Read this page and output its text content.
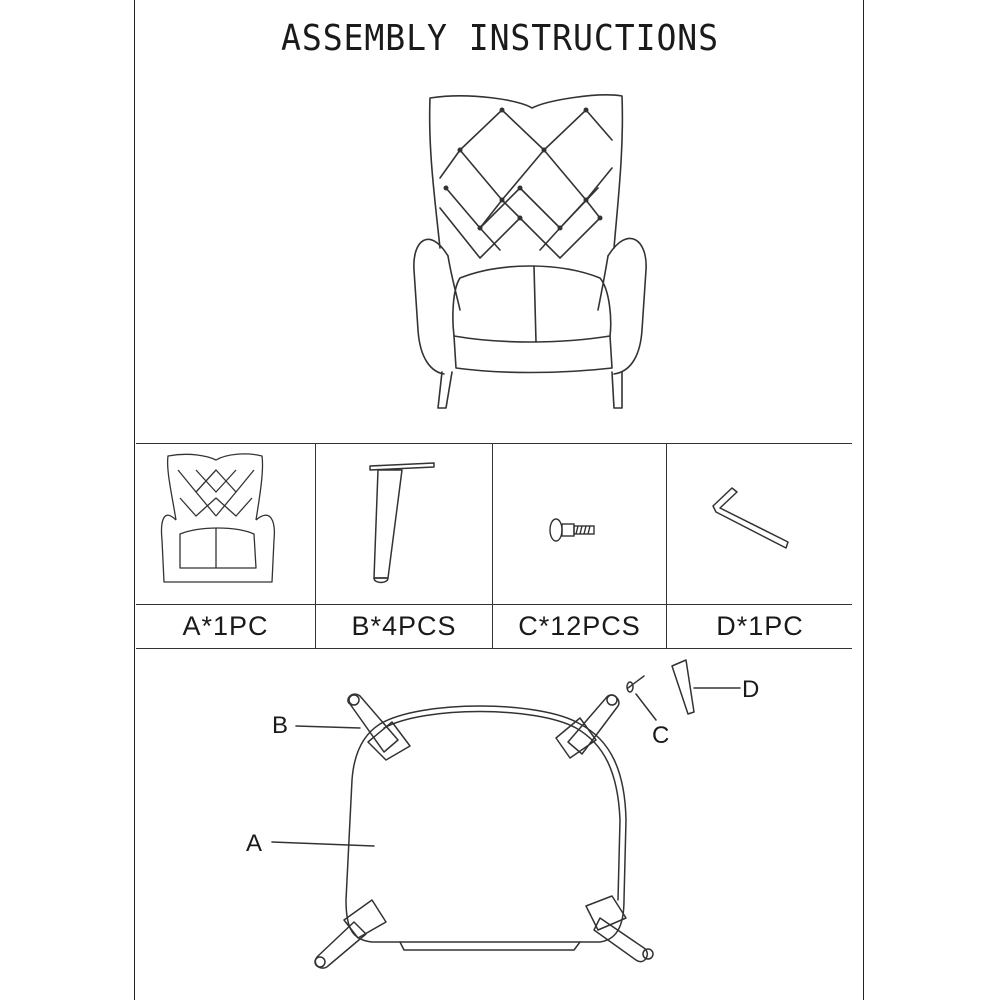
ASSEMBLY INSTRUCTIONS
A*1PC	B*4PCS	C*12PCS	D*1PC
B
A
C
D
